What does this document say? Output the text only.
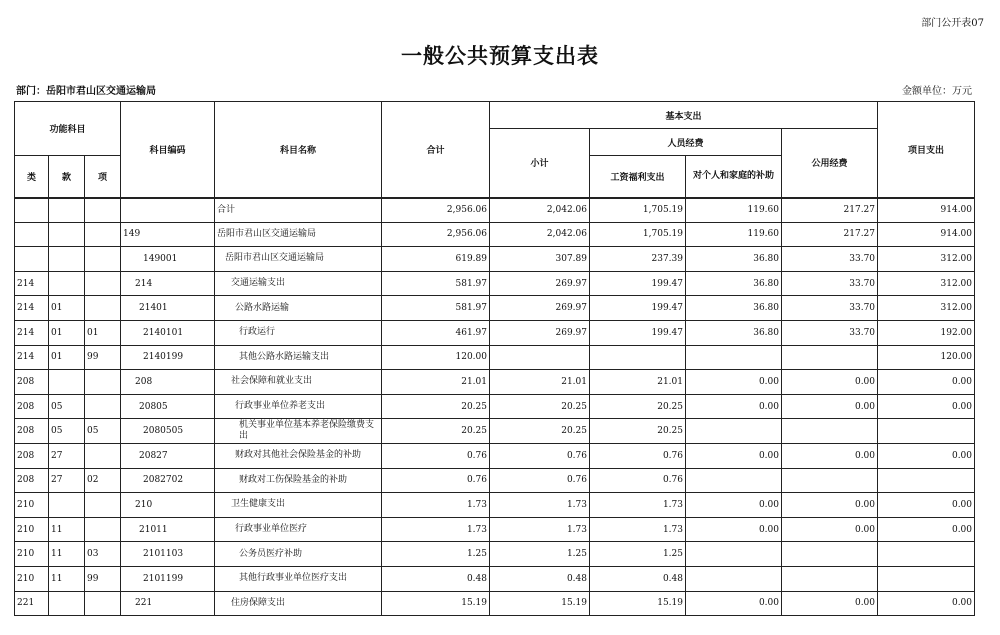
部门公开表07
一般公共预算支出表
部门：岳阳市君山区交通运输局	金额单位：万元
功能科目			科目编码	科目名称	合计	基本支出				项目支出
						小计	人员经费		公用经费	
类	款	项					工资福利支出	对个人和家庭的补助		
				合计	2,956.06	2,042.06	1,705.19	119.60	217.27	914.00
			149	岳阳市君山区交通运输局	2,956.06	2,042.06	1,705.19	119.60	217.27	914.00
			149001	岳阳市君山区交通运输局	619.89	307.89	237.39	36.80	33.70	312.00
214			214	交通运输支出	581.97	269.97	199.47	36.80	33.70	312.00
214	01		21401	公路水路运输	581.97	269.97	199.47	36.80	33.70	312.00
214	01	01	2140101	行政运行	461.97	269.97	199.47	36.80	33.70	192.00
214	01	99	2140199	其他公路水路运输支出	120.00					120.00
208			208	社会保障和就业支出	21.01	21.01	21.01	0.00	0.00	0.00
208	05		20805	行政事业单位养老支出	20.25	20.25	20.25	0.00	0.00	0.00
208	05	05	2080505	机关事业单位基本养老保险缴费支出	20.25	20.25	20.25			
208	27		20827	财政对其他社会保险基金的补助	0.76	0.76	0.76	0.00	0.00	0.00
208	27	02	2082702	财政对工伤保险基金的补助	0.76	0.76	0.76			
210			210	卫生健康支出	1.73	1.73	1.73	0.00	0.00	0.00
210	11		21011	行政事业单位医疗	1.73	1.73	1.73	0.00	0.00	0.00
210	11	03	2101103	公务员医疗补助	1.25	1.25	1.25			
210	11	99	2101199	其他行政事业单位医疗支出	0.48	0.48	0.48			
221			221	住房保障支出	15.19	15.19	15.19	0.00	0.00	0.00
